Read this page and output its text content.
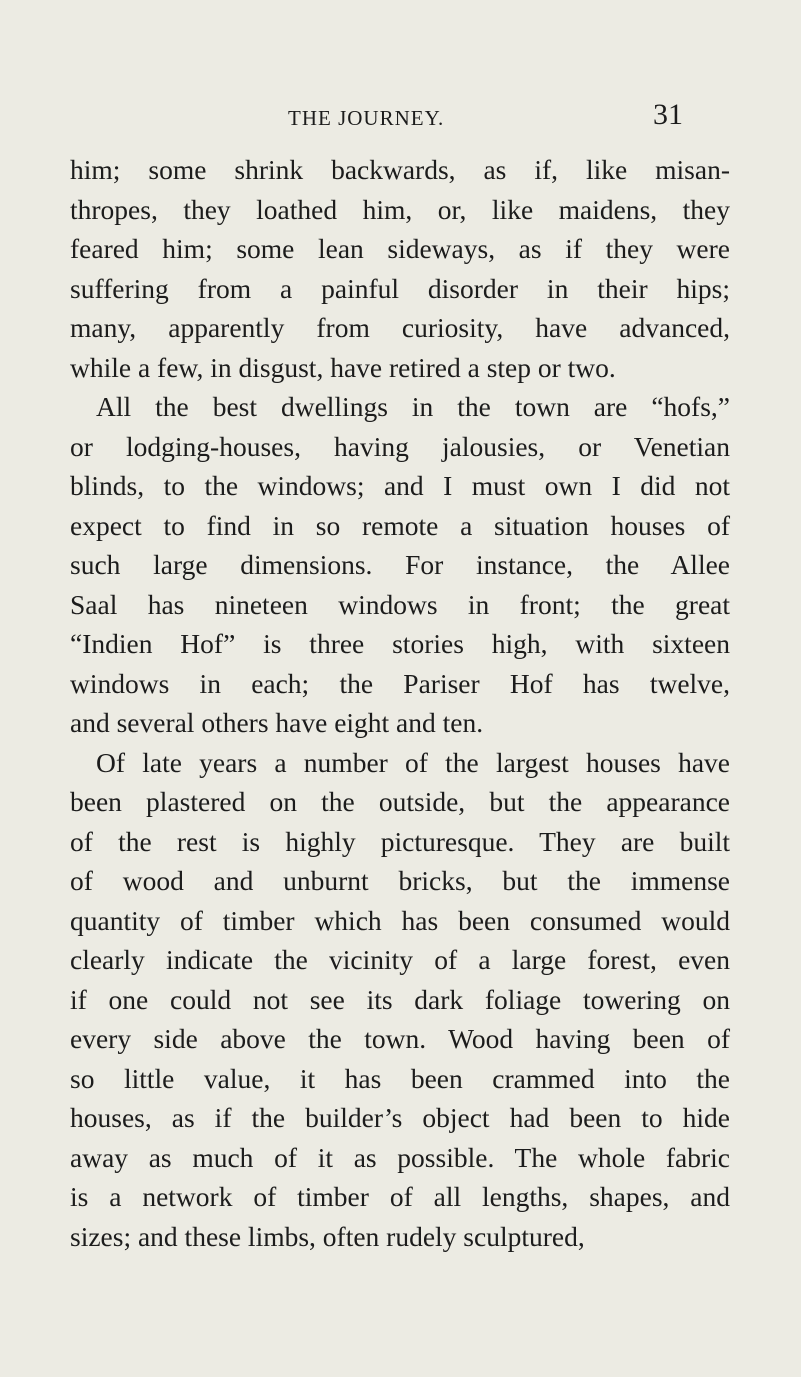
THE JOURNEY.	31
him; some shrink backwards, as if, like misan-
thropes, they loathed him, or, like maidens, they
feared him; some lean sideways, as if they were
suffering from a painful disorder in their hips;
many, apparently from curiosity, have advanced,
while a few, in disgust, have retired a step or two.
All the best dwellings in the town are “hofs,”
or lodging-houses, having jalousies, or Venetian
blinds, to the windows; and I must own I did not
expect to find in so remote a situation houses of
such large dimensions. For instance, the Allee
Saal has nineteen windows in front; the great
“Indien Hof” is three stories high, with sixteen
windows in each; the Pariser Hof has twelve,
and several others have eight and ten.
Of late years a number of the largest houses have
been plastered on the outside, but the appearance
of the rest is highly picturesque. They are built
of wood and unburnt bricks, but the immense
quantity of timber which has been consumed would
clearly indicate the vicinity of a large forest, even
if one could not see its dark foliage towering on
every side above the town. Wood having been of
so little value, it has been crammed into the
houses, as if the builder’s object had been to hide
away as much of it as possible. The whole fabric
is a network of timber of all lengths, shapes, and
sizes; and these limbs, often rudely sculptured,
